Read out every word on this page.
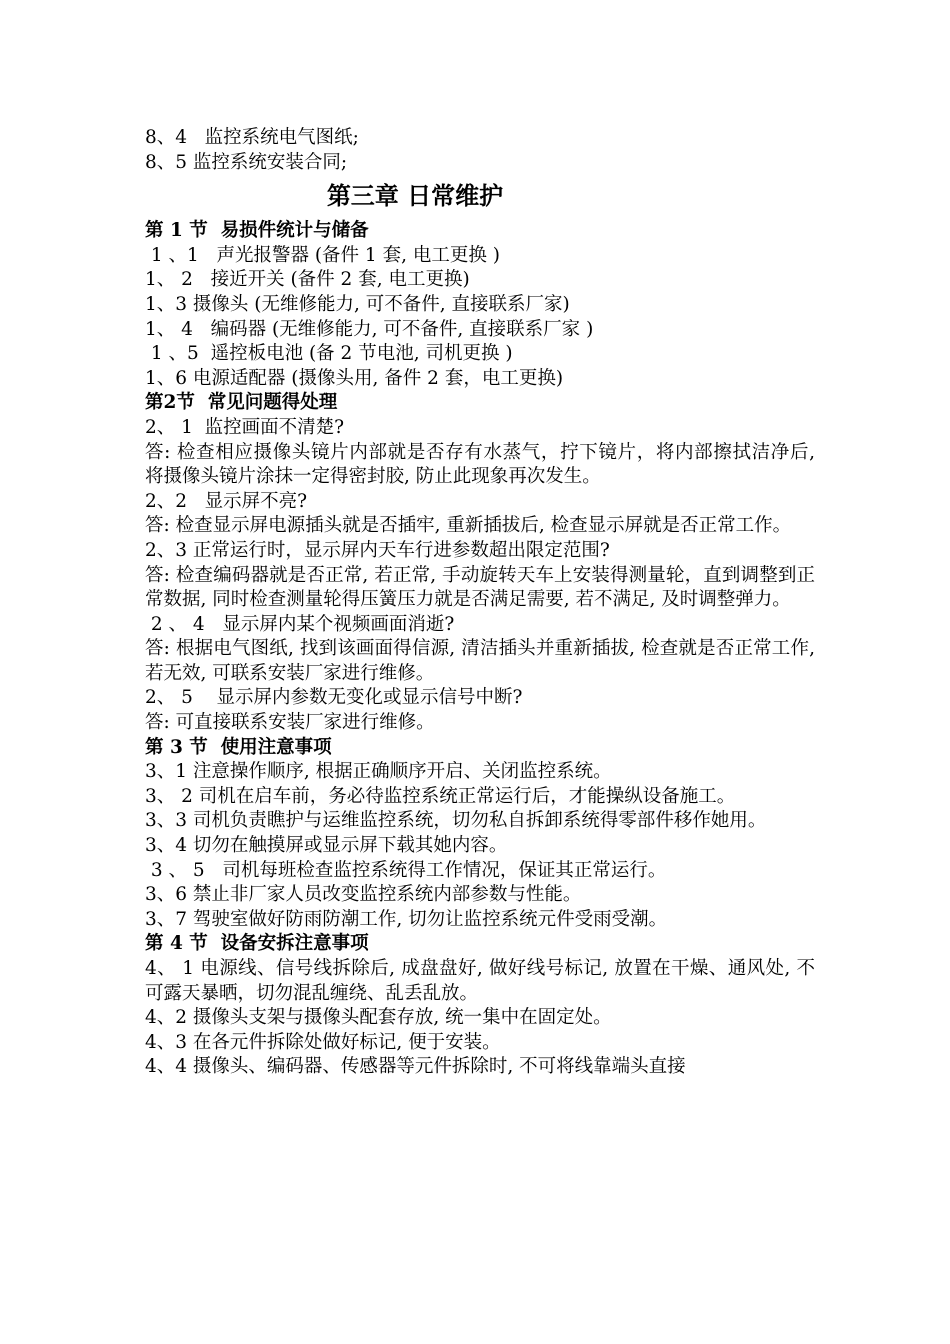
8、4   监控系统电气图纸;
8、5 监控系统安装合同;
第三章 日常维护
第 1 节  易损件统计与储备
1 、1   声光报警器 (备件 1 套, 电工更换 )
1、 2   接近开关 (备件 2 套, 电工更换)
1、3 摄像头 (无维修能力, 可不备件, 直接联系厂家)
1、 4   编码器 (无维修能力, 可不备件, 直接联系厂家 )
1 、5  遥控板电池 (备 2 节电池, 司机更换 )
1、6 电源适配器 (摄像头用, 备件 2 套，电工更换)
第2节  常见问题得处理
2、 1  监控画面不清楚?
答: 检查相应摄像头镜片内部就是否存有水蒸气，拧下镜片，将内部擦拭洁净后, 将摄像头镜片涂抹一定得密封胶, 防止此现象再次发生。
2、2   显示屏不亮?
答: 检查显示屏电源插头就是否插牢, 重新插拔后, 检查显示屏就是否正常工作。
2、3 正常运行时，显示屏内天车行进参数超出限定范围?
答: 检查编码器就是否正常, 若正常, 手动旋转天车上安装得测量轮，直到调整到正常数据, 同时检查测量轮得压簧压力就是否满足需要, 若不满足, 及时调整弹力。
2 、 4   显示屏内某个视频画面消逝?
答: 根据电气图纸, 找到该画面得信源, 清洁插头并重新插拔, 检查就是否正常工作, 若无效, 可联系安装厂家进行维修。
2、 5    显示屏内参数无变化或显示信号中断?
答: 可直接联系安装厂家进行维修。
第 3 节  使用注意事项
3、1 注意操作顺序, 根据正确顺序开启、关闭监控系统。
3、 2 司机在启车前，务必待监控系统正常运行后，才能操纵设备施工。
3、3 司机负责瞧护与运维监控系统，切勿私自拆卸系统得零部件移作她用。
3、4 切勿在触摸屏或显示屏下载其她内容。
3 、 5   司机每班检查监控系统得工作情况，保证其正常运行。
3、6 禁止非厂家人员改变监控系统内部参数与性能。
3、7 驾驶室做好防雨防潮工作, 切勿让监控系统元件受雨受潮。
第 4 节  设备安拆注意事项
4、 1 电源线、信号线拆除后, 成盘盘好, 做好线号标记, 放置在干燥、通风处, 不可露天暴晒，切勿混乱缠绕、乱丢乱放。
4、2 摄像头支架与摄像头配套存放, 统一集中在固定处。
4、3 在各元件拆除处做好标记, 便于安装。
4、4 摄像头、编码器、传感器等元件拆除时, 不可将线靠端头直接
